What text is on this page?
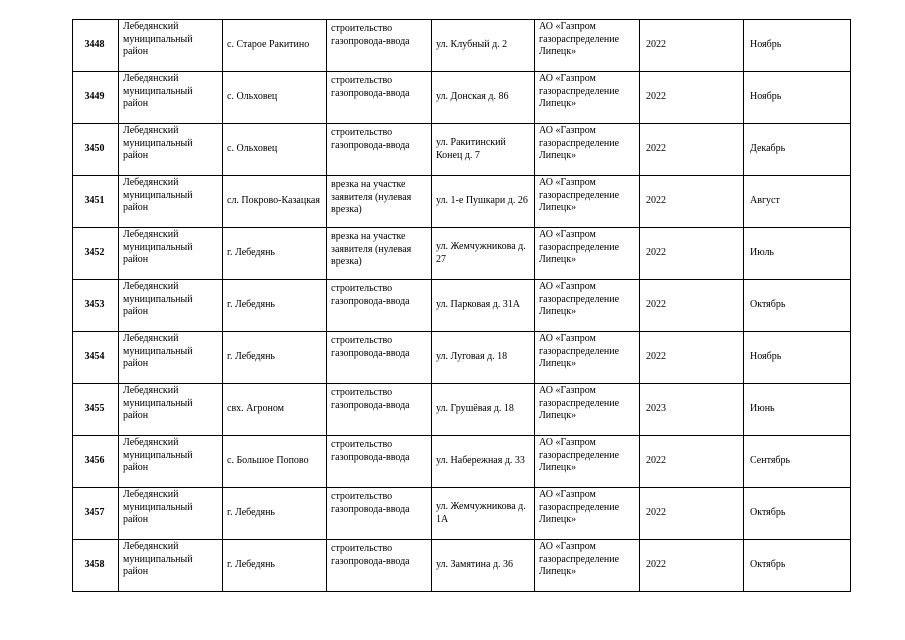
3448	Лебедянский муниципальный район	с. Старое Ракитино	строительство газопровода-ввода	ул. Клубный д. 2	АО «Газпром газораспределение Липецк»	2022	Ноябрь
3449	Лебедянский муниципальный район	с. Ольховец	строительство газопровода-ввода	ул. Донская д. 86	АО «Газпром газораспределение Липецк»	2022	Ноябрь
3450	Лебедянский муниципальный район	с. Ольховец	строительство газопровода-ввода	ул. Ракитинский Конец д. 7	АО «Газпром газораспределение Липецк»	2022	Декабрь
3451	Лебедянский муниципальный район	сл. Покрово-Казацкая	врезка на участке заявителя (нулевая врезка)	ул. 1-е Пушкари д. 26	АО «Газпром газораспределение Липецк»	2022	Август
3452	Лебедянский муниципальный район	г. Лебедянь	врезка на участке заявителя (нулевая врезка)	ул. Жемчужникова д. 27	АО «Газпром газораспределение Липецк»	2022	Июль
3453	Лебедянский муниципальный район	г. Лебедянь	строительство газопровода-ввода	ул. Парковая д. 31А	АО «Газпром газораспределение Липецк»	2022	Октябрь
3454	Лебедянский муниципальный район	г. Лебедянь	строительство газопровода-ввода	ул. Луговая д. 18	АО «Газпром газораспределение Липецк»	2022	Ноябрь
3455	Лебедянский муниципальный район	свх. Агроном	строительство газопровода-ввода	ул. Грушёвая д. 18	АО «Газпром газораспределение Липецк»	2023	Июнь
3456	Лебедянский муниципальный район	с. Большое Попово	строительство газопровода-ввода	ул. Набережная д. 33	АО «Газпром газораспределение Липецк»	2022	Сентябрь
3457	Лебедянский муниципальный район	г. Лебедянь	строительство газопровода-ввода	ул. Жемчужникова д. 1А	АО «Газпром газораспределение Липецк»	2022	Октябрь
3458	Лебедянский муниципальный район	г. Лебедянь	строительство газопровода-ввода	ул. Замятина д. 36	АО «Газпром газораспределение Липецк»	2022	Октябрь
